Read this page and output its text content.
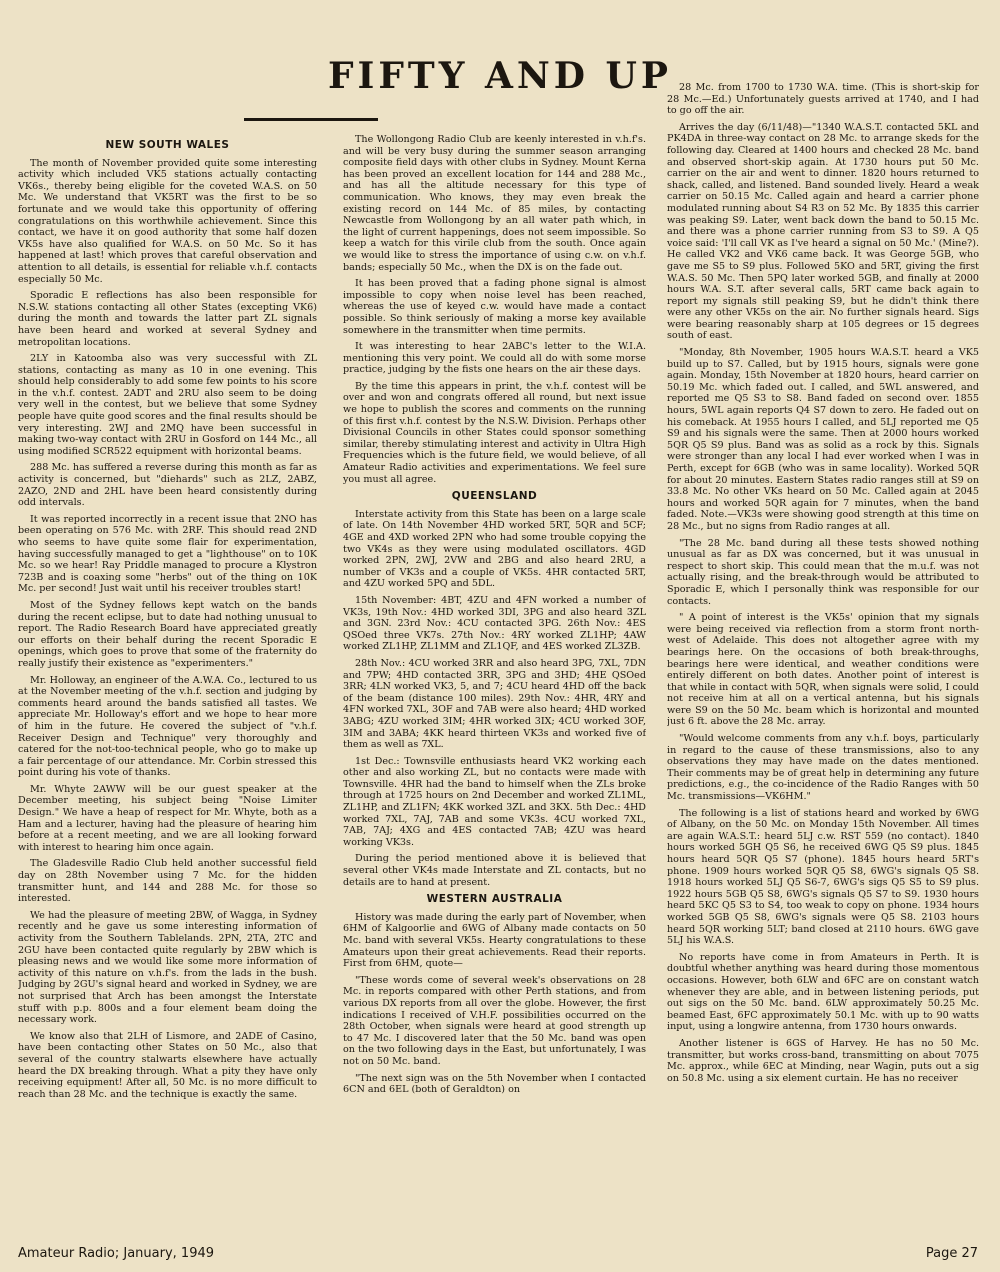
FIFTY AND UP
NEW SOUTH WALES

The month of November provided quite some interesting activity which included VK5 stations actually contacting VK6s., thereby being eligible for the coveted W.A.S. on 50 Mc. We understand that VK5RT was the first to be so fortunate and we would take this opportunity of offering congratulations on this worthwhile achievement. Since this contact, we have it on good authority that some half dozen VK5s have also qualified for W.A.S. on 50 Mc. So it has happened at last! which proves that careful observation and attention to all details, is essential for reliable v.h.f. contacts especially 50 Mc.

Sporadic E reflections has also been responsible for N.S.W. stations contacting all other States (excepting VK6) during the month and towards the latter part ZL signals have been heard and worked at several Sydney and metropolitan locations.

2LY in Katoomba also was very successful with ZL stations, contacting as many as 10 in one evening. This should help considerably to add some few points to his score in the v.h.f. contest. 2ADT and 2RU also seem to be doing very well in the contest, but we believe that some Sydney people have quite good scores and the final results should be very interesting. 2WJ and 2MQ have been successful in making two-way contact with 2RU in Gosford on 144 Mc., all using modified SCR522 equipment with horizontal beams.

288 Mc. has suffered a reverse during this month as far as activity is concerned, but "diehards" such as 2LZ, 2ABZ, 2AZO, 2ND and 2HL have been heard consistently during odd intervals.

It was reported incorrectly in a recent issue that 2NO has been operating on 576 Mc. with 2RF. This should read 2ND who seems to have quite some flair for experimentation, having successfully managed to get a "lighthouse" on to 10K Mc. so we hear! Ray Priddle managed to procure a Klystron 723B and is coaxing some "herbs" out of the thing on 10K Mc. per second! Just wait until his receiver troubles start!

Most of the Sydney fellows kept watch on the bands during the recent eclipse, but to date had nothing unusual to report. The Radio Research Board have appreciated greatly our efforts on their behalf during the recent Sporadic E openings, which goes to prove that some of the fraternity do really justify their existence as "experimenters."

Mr. Holloway, an engineer of the A.W.A. Co., lectured to us at the November meeting of the v.h.f. section and judging by comments heard around the bands satisfied all tastes. We appreciate Mr. Holloway's effort and we hope to hear more of him in the future. He covered the subject of "v.h.f. Receiver Design and Technique" very thoroughly and catered for the not-too-technical people, who go to make up a fair percentage of our attendance. Mr. Corbin stressed this point during his vote of thanks.

Mr. Whyte 2AWW will be our guest speaker at the December meeting, his subject being "Noise Limiter Design." We have a heap of respect for Mr. Whyte, both as a Ham and a lecturer, having had the pleasure of hearing him before at a recent meeting, and we are all looking forward with interest to hearing him once again.

The Gladesville Radio Club held another successful field day on 28th November using 7 Mc. for the hidden transmitter hunt, and 144 and 288 Mc. for those so interested.

We had the pleasure of meeting 2BW, of Wagga, in Sydney recently and he gave us some interesting information of activity from the Southern Tablelands. 2PN, 2TA, 2TC and 2GU have been contacted quite regularly by 2BW which is pleasing news and we would like some more information of activity of this nature on v.h.f's. from the lads in the bush. Judging by 2GU's signal heard and worked in Sydney, we are not surprised that Arch has been amongst the Interstate stuff with p.p. 800s and a four element beam doing the necessary work.

We know also that 2LH of Lismore, and 2ADE of Casino, have been contacting other States on 50 Mc., also that several of the country stalwarts elsewhere have actually heard the DX breaking through. What a pity they have only receiving equipment! After all, 50 Mc. is no more difficult to reach than 28 Mc. and the technique is exactly the same.

The Wollongong Radio Club are keenly interested in v.h.f's. and will be very busy during the summer season arranging composite field days with other clubs in Sydney. Mount Kerna has been proved an excellent location for 144 and 288 Mc., and has all the altitude necessary for this type of communication. Who knows, they may even break the existing record on 144 Mc. of 85 miles, by contacting Newcastle from Wollongong by an all water path which, in the light of current happenings, does not seem impossible. So keep a watch for this virile club from the south. Once again we would like to stress the importance of using c.w. on v.h.f. bands; especially 50 Mc., when the DX is on the fade out.

It has been proved that a fading phone signal is almost impossible to copy when noise level has been reached, whereas the use of keyed c.w. would have made a contact possible. So think seriously of making a morse key available somewhere in the transmitter when time permits.

It was interesting to hear 2ABC's letter to the W.I.A. mentioning this very point. We could all do with some morse practice, judging by the fists one hears on the air these days.

By the time this appears in print, the v.h.f. contest will be over and won and congrats offered all round, but next issue we hope to publish the scores and comments on the running of this first v.h.f. contest by the N.S.W. Division. Perhaps other Divisional Councils in other States could sponsor something similar, thereby stimulating interest and activity in Ultra High Frequencies which is the future field, we would believe, of all Amateur Radio activities and experimentations. We feel sure you must all agree.

QUEENSLAND

Interstate activity from this State has been on a large scale of late. On 14th November 4HD worked 5RT, 5QR and 5CF; 4GE and 4XD worked 2PN who had some trouble copying the two VK4s as they were using modulated oscillators. 4GD worked 2PN, 2WJ, 2VW and 2BG and also heard 2RU, a number of VK3s and a couple of VK5s. 4HR contacted 5RT, and 4ZU worked 5PQ and 5DL.

15th November: 4BT, 4ZU and 4FN worked a number of VK3s, 19th Nov.: 4HD worked 3DI, 3PG and also heard 3ZL and 3GN. 23rd Nov.: 4CU contacted 3PG. 26th Nov.: 4ES QSOed three VK7s. 27th Nov.: 4RY worked ZL1HP; 4AW worked ZL1HP, ZL1MM and ZL1QF, and 4ES worked ZL3ZB.

28th Nov.: 4CU worked 3RR and also heard 3PG, 7XL, 7DN and 7PW; 4HD contacted 3RR, 3PG and 3HD; 4HE QSOed 3RR; 4LN worked VK3, 5, and 7; 4CU heard 4HD off the back of the beam (distance 100 miles). 29th Nov.: 4HR, 4RY and 4FN worked 7XL, 3OF and 7AB were also heard; 4HD worked 3ABG; 4ZU worked 3IM; 4HR worked 3IX; 4CU worked 3OF, 3IM and 3ABA; 4KK heard thirteen VK3s and worked five of them as well as 7XL.

1st Dec.: Townsville enthusiasts heard VK2 working each other and also working ZL, but no contacts were made with Townsville. 4HR had the band to himself when the ZLs broke through at 1725 hours on 2nd December and worked ZL1ML, ZL1HP, and ZL1FN; 4KK worked 3ZL and 3KX. 5th Dec.: 4HD worked 7XL, 7AJ, 7AB and some VK3s. 4CU worked 7XL, 7AB, 7AJ; 4XG and 4ES contacted 7AB; 4ZU was heard working VK3s.

During the period mentioned above it is believed that several other VK4s made Interstate and ZL contacts, but no details are to hand at present.

WESTERN AUSTRALIA

History was made during the early part of November, when 6HM of Kalgoorlie and 6WG of Albany made contacts on 50 Mc. band with several VK5s. Hearty congratulations to these Amateurs upon their great achievements. Read their reports. First from 6HM, quote—

"These words come of several week's observations on 28 Mc. in reports compared with other Perth stations, and from various DX reports from all over the globe. However, the first indications I received of V.H.F. possibilities occurred on the 28th October, when signals were heard at good strength up to 47 Mc. I discovered later that the 50 Mc. band was open on the two following days in the East, but unfortunately, I was not on 50 Mc. band.

"The next sign was on the 5th November when I contacted 6CN and 6EL (both of Geraldton) on

28 Mc. from 1700 to 1730 W.A. time. (This is short-skip for 28 Mc.—Ed.) Unfortunately guests arrived at 1740, and I had to go off the air.

Arrives the day (6/11/48)—"1340 W.A.S.T. contacted 5KL and PK4DA in three-way contact on 28 Mc. to arrange skeds for the following day. Cleared at 1400 hours and checked 28 Mc. band and observed short-skip again. At 1730 hours put 50 Mc. carrier on the air and went to dinner. 1820 hours returned to shack, called, and listened. Band sounded lively. Heard a weak carrier on 50.15 Mc. Called again and heard a carrier phone modulated running about S4 R3 on 52 Mc. By 1835 this carrier was peaking S9. Later, went back down the band to 50.15 Mc. and there was a phone carrier running from S3 to S9. A Q5 voice said: 'I'll call VK as I've heard a signal on 50 Mc.' (Mine?). He called VK2 and VK6 came back. It was George 5GB, who gave me S5 to S9 plus. Followed 5KO and 5RT, giving the first W.A.S. 50 Mc. Then 5PQ later worked 5GB, and finally at 2000 hours W.A. S.T. after several calls, 5RT came back again to report my signals still peaking S9, but he didn't think there were any other VK5s on the air. No further signals heard. Sigs were bearing reasonably sharp at 105 degrees or 15 degrees south of east.

"Monday, 8th November, 1905 hours W.A.S.T. heard a VK5 build up to S7. Called, but by 1915 hours, signals were gone again. Monday, 15th November at 1820 hours, heard carrier on 50.19 Mc. which faded out. I called, and 5WL answered, and reported me Q5 S3 to S8. Band faded on second over. 1855 hours, 5WL again reports Q4 S7 down to zero. He faded out on his comeback. At 1955 hours I called, and 5LJ reported me Q5 S9 and his signals were the same. Then at 2000 hours worked 5QR Q5 S9 plus. Band was as solid as a rock by this. Signals were stronger than any local I had ever worked when I was in Perth, except for 6GB (who was in same locality). Worked 5QR for about 20 minutes. Eastern States radio ranges still at S9 on 33.8 Mc. No other VKs heard on 50 Mc. Called again at 2045 hours and worked 5QR again for 7 minutes, when the band faded. Note.—VK3s were showing good strength at this time on 28 Mc., but no signs from Radio ranges at all.

"The 28 Mc. band during all these tests showed nothing unusual as far as DX was concerned, but it was unusual in respect to short skip. This could mean that the m.u.f. was not actually rising, and the break-through would be attributed to Sporadic E, which I personally think was responsible for our contacts.

" A point of interest is the VK5s' opinion that my signals were being received via reflection from a storm front north-west of Adelaide. This does not altogether agree with my bearings here. On the occasions of both break-throughs, bearings here were identical, and weather conditions were entirely different on both dates. Another point of interest is that while in contact with 5QR, when signals were solid, I could not receive him at all on a vertical antenna, but his signals were S9 on the 50 Mc. beam which is horizontal and mounted just 6 ft. above the 28 Mc. array.

"Would welcome comments from any v.h.f. boys, particularly in regard to the cause of these transmissions, also to any observations they may have made on the dates mentioned. Their comments may be of great help in determining any future predictions, e.g., the co-incidence of the Radio Ranges with 50 Mc. transmissions—VK6HM."

The following is a list of stations heard and worked by 6WG of Albany, on the 50 Mc. on Monday 15th November. All times are again W.A.S.T.: heard 5LJ c.w. RST 559 (no contact). 1840 hours worked 5GH Q5 S6, he received 6WG Q5 S9 plus. 1845 hours heard 5QR Q5 S7 (phone). 1845 hours heard 5RT's phone. 1909 hours worked 5QR Q5 S8, 6WG's signals Q5 S8. 1918 hours worked 5LJ Q5 S6-7, 6WG's sigs Q5 S5 to S9 plus. 1922 hours 5GB Q5 S8, 6WG's signals Q5 S7 to S9. 1930 hours heard 5KC Q5 S3 to S4, too weak to copy on phone. 1934 hours worked 5GB Q5 S8, 6WG's signals were Q5 S8. 2103 hours heard 5QR working 5LT; band closed at 2110 hours. 6WG gave 5LJ his W.A.S.

No reports have come in from Amateurs in Perth. It is doubtful whether anything was heard during those momentous occasions. However, both 6LW and 6FC are on constant watch whenever they are able, and in between listening periods, put out sigs on the 50 Mc. band. 6LW approximately 50.25 Mc. beamed East, 6FC approximately 50.1 Mc. with up to 90 watts input, using a longwire antenna, from 1730 hours onwards.

Another listener is 6GS of Harvey. He has no 50 Mc. transmitter, but works cross-band, transmitting on about 7075 Mc. approx., while 6EC at Minding, near Wagin, puts out a sig on 50.8 Mc. using a six element curtain. He has no receiver

Amateur Radio; January, 1949	Page 27
